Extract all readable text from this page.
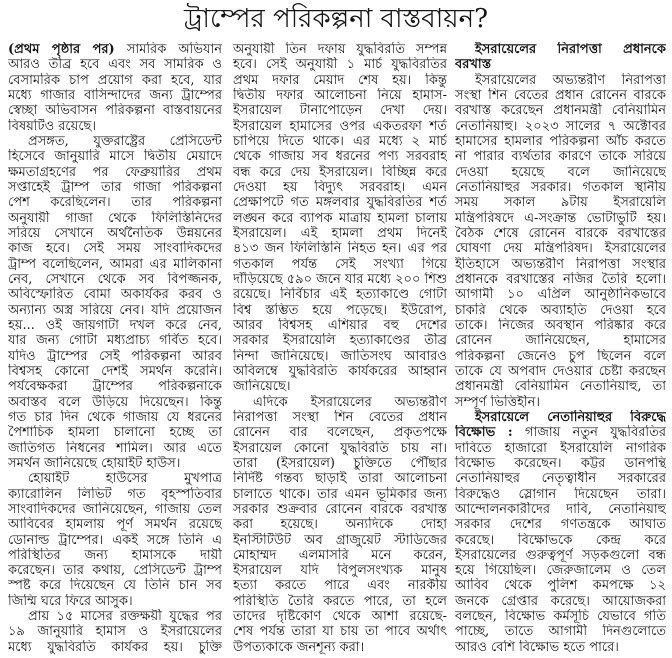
ট্রাম্পের পরিকল্পনা বাস্তবায়ন?
(প্রথম পৃষ্ঠার পর) সামরিক অভিযান
আরও তীব্র হবে এবং সব সামরিক ও
বেসামরিক চাপ প্রয়োগ করা হবে, যার
মধ্যে গাজার বাসিন্দাদের জন্য ট্রাম্পের
স্বেচ্ছা অভিবাসন পরিকল্পনা বাস্তবায়নের
বিষয়টিও রয়েছে।
প্রসঙ্গত, যুক্তরাষ্ট্রের প্রেসিডেন্ট
হিসেবে জানুয়ারি মাসে দ্বিতীয় মেয়াদে
ক্ষমতাগ্রহণের পর ফেব্রুয়ারির প্রথম
সপ্তাহেই ট্রাম্প তার গাজা পরিকল্পনা
পেশ করেছিলেন। তার পরিকল্পনা
অনুযায়ী গাজা থেকে ফিলিস্তিনিদের
সরিয়ে সেখানে অর্থনৈতিক উন্নয়নের
কাজ হবে। সেই সময় সাংবাদিকদের
ট্রাম্প বলেছিলেন, আমরা এর মালিকানা
নেব, সেখানে থেকে সব বিপজ্জনক,
অবিস্ফোরিত বোমা অকার্যকর করব ও
অন্যান্য অস্ত্র সরিয়ে নেব। যদি প্রয়োজন
হয়... ওই জায়গাটা দখল করে নেব,
যার জন্য গোটা মধ্যপ্রাচ্য গর্বিত হবে।
যদিও ট্রাম্পের সেই পরিকল্পনা আরব
বিশ্বসহ কোনো দেশই সমর্থন করেনি।
পর্যবেক্ষকরা ট্রাম্পের পরিকল্পনাকে
অবাস্তব বলে উড়িয়ে দিয়েছেন। কিন্তু
গত চার দিন থেকে গাজায় যে ধরনের
পৈশাচিক হামলা চালানো হচ্ছে তা
জাতিগত নিধনের শামিল। আর এতে
সমর্থন জানিয়েছে হোয়াইট হাউস।
হোয়াইট হাউসের মুখপাত্র
ক্যারোলিন লিভিট গত বৃহস্পতিবার
সাংবাদিকদের জানিয়েছেন, গাজায় তেল
আবিবের হামলায় পূর্ণ সমর্থন রয়েছে
ডোনাল্ড ট্রাম্পের। একই সঙ্গে তিনি এ
পরিস্থিতির জন্য হামাসকে দায়ী
করেছেন। তার কথায়, প্রেসিডেন্ট ট্রাম্প
স্পষ্ট করে দিয়েছেন যে তিনি চান সব
জিম্মি ঘরে ফিরে আসুক।
প্রায় ১৫ মাসের রক্তক্ষয়ী যুদ্ধের পর
১৯ জানুয়ারি হামাস ও ইসরায়েলের
মধ্যে যুদ্ধবিরতি কার্যকর হয়। চুক্তি
অনুযায়ী তিন দফায় যুদ্ধবিরতি সম্পন্ন
হবে। সেই অনুযায়ী ১ মার্চ যুদ্ধবিরতির
প্রথম দফার মেয়াদ শেষ হয়। কিন্তু
দ্বিতীয় দফার আলোচনা নিয়ে হামাস-
ইসরায়েল টানাপোড়েন দেখা দেয়।
ইসরায়েল হামাসের ওপর একতরফা শর্ত
চাপিয়ে দিতে থাকে। এর মধ্যে ২ মার্চ
থেকে গাজায় সব ধরনের পণ্য সরবরাহ
বন্ধ করে দেয় ইসরায়েল। বিচ্ছিন্ন করে
দেওয়া হয় বিদ্যুৎ সরবরাহ। এমন
প্রেক্ষাপটে গত মঙ্গলবার যুদ্ধবিরতির শর্ত
লঙ্ঘন করে ব্যাপক মাত্রায় হামলা চালায়
ইসরায়েল। এই হামলা প্রথম দিনেই
৪১৩ জন ফিলিস্তিনি নিহত হন। এর পর
গতকাল পর্যন্ত সেই সংখ্যা গিয়ে
দাঁড়িয়েছে ৫৯০ জনে যার মধ্যে ২০০ শিশু
রয়েছে। নির্বিচার এই হত্যাকাণ্ডে গোটা
বিশ্ব স্তম্ভিত হয়ে পড়েছে। ইউরোপ,
আরব বিশ্বসহ এশিয়ার বহু দেশের
সরকার ইসরায়েলি হত্যাকাণ্ডের তীব্র
নিন্দা জানিয়েছে। জাতিসংঘ আবারও
অবিলম্বে যুদ্ধবিরতি কার্যকরের আহ্বান
জানিয়েছে।
এদিকে ইসরায়েলের অভ্যন্তরীণ
নিরাপত্তা সংস্থা শিন বেতের প্রধান
রোনেন বার বলেছেন, প্রকৃতপক্ষে
ইসরায়েল কোনো যুদ্ধবিরতি চায় না।
তারা (ইসরায়েল) চুক্তিতে পৌঁছার
নির্দিষ্ট গন্তব্য ছাড়াই তারা আলোচনা
চালাতে থাকে। তার এমন ভূমিকার জন্য
সরকার শুক্রবার রোনেন বারকে বরখাস্ত
করা হয়েছে। অন্যদিকে দোহা
ইনস্টিটিউট অব গ্রাজুয়েট স্টাডিজের
মোহাম্মদ এলমাসরি মনে করেন,
ইসরায়েল যদি বিপুলসংখ্যক মানুষ
হত্যা করতে পারে এবং নারকীয়
পরিস্থিতি তৈরি করতে পারে, তা হলে
তাদের দৃষ্টিকোণ থেকে আশা রয়েছে-
শেষ পর্যন্ত তারা যা চায় তা পাবে অর্থাৎ
উপত্যকাকে জনশূন্য করা।
ইসরায়েলের নিরাপত্তা প্রধানকে
বরখাস্ত
ইসরায়েলের অভ্যন্তরীণ নিরাপত্তা
সংস্থা শিন বেতের প্রধান রোনেন বারকে
বরখাস্ত করেছেন প্রধানমন্ত্রী বেনিয়ামিন
নেতানিয়াহু। ২০২৩ সালের ৭ অক্টোবর
হামাসের হামলার পরিকল্পনা আঁচ করতে
না পারার ব্যর্থতার কারণে তাকে সরিয়ে
দেওয়া হয়েছে বলে জানিয়েছে
নেতানিয়াহুর সরকার। গতকাল স্থানীয়
সময় সকাল ৯টায় ইসরায়েলি
মন্ত্রিপরিষদে এ-সংক্রান্ত ভোটাভুটি হয়।
বৈঠক শেষে রোনেন বারকে বরখাস্তের
ঘোষণা দেয় মন্ত্রিপরিষদ। ইসরায়েলের
ইতিহাসে অভ্যন্তরীণ নিরাপত্তা সংস্থার
প্রধানকে বরখাস্তের নজির তৈরি হলো।
আগামী ১০ এপ্রিল আনুষ্ঠানিকভাবে
চাকরি থেকে অব্যাহতি দেওয়া হবে
তাকে। নিজের অবস্থান পরিষ্কার করে
রোনেন জানিয়েছেন, হামাসের
পরিকল্পনা জেনেও চুপ ছিলেন বলে
তাকে যে অপবাদ দেওয়ার চেষ্টা করছেন
প্রধানমন্ত্রী বেনিয়ামিন নেতানিয়াহু, তা
সম্পূর্ণ ভিত্তিহীন।
ইসরায়েলে নেতানিয়াহুর বিরুদ্ধে
বিক্ষোভ : গাজায় নতুন যুদ্ধবিরতির
দাবিতে হাজারো ইসরায়েলি নাগরিক
বিক্ষোভ করেছেন। কট্টর ডানপন্থি
নেতানিয়াহুর নেতৃত্বাধীন সরকারের
বিরুদ্ধেও স্লোগান দিয়েছেন তারা।
আন্দোলনকারীদের দাবি, নেতানিয়াহু
সরকার দেশের গণতন্ত্রকে আঘাত
করেছে। বিক্ষোভকে কেন্দ্র করে
ইসরায়েলের গুরুত্বপূর্ণ সড়কগুলো বন্ধ
হয়ে গিয়েছিল। জেরুজালেম ও তেল
আবিব থেকে পুলিশ কমপক্ষে ১২
জনকে গ্রেপ্তার করেছে। আয়োজকরা
বলছেন, বিক্ষোভ কর্মসূচি যেভাবে গতি
পাচ্ছে, তাতে আগামী দিনগুলোতে
আরও বেশি বিক্ষোভ হতে পারে।
